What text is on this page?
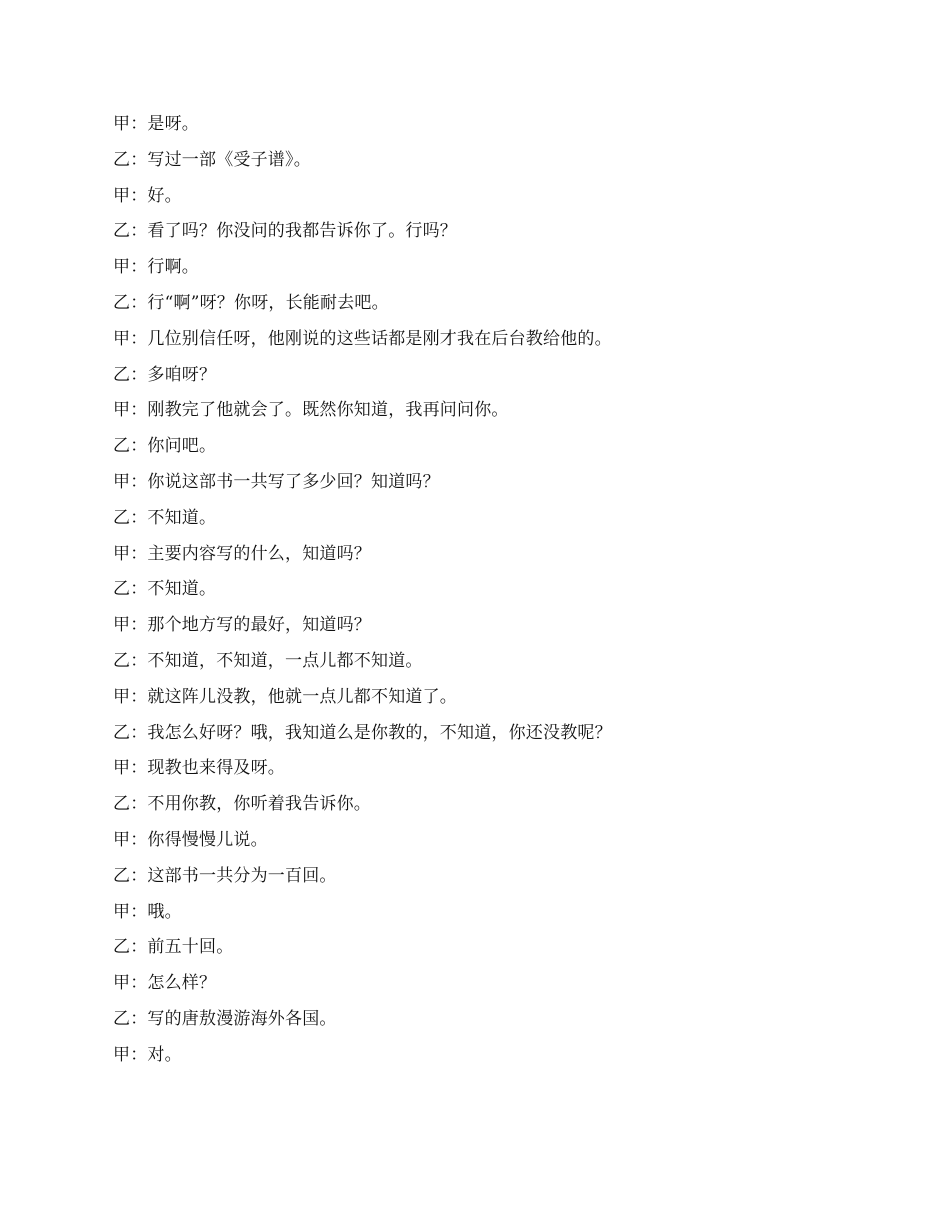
甲：是呀。
乙：写过一部《受子谱》。
甲：好。
乙：看了吗？你没问的我都告诉你了。行吗？
甲：行啊。
乙：行“啊”呀？你呀，长能耐去吧。
甲：几位别信任呀，他刚说的这些话都是刚才我在后台教给他的。
乙：多咱呀？
甲：刚教完了他就会了。既然你知道，我再问问你。
乙：你问吧。
甲：你说这部书一共写了多少回？知道吗？
乙：不知道。
甲：主要内容写的什么，知道吗？
乙：不知道。
甲：那个地方写的最好，知道吗？
乙：不知道，不知道，一点儿都不知道。
甲：就这阵儿没教，他就一点儿都不知道了。
乙：我怎么好呀？哦，我知道么是你教的，不知道，你还没教呢？
甲：现教也来得及呀。
乙：不用你教，你听着我告诉你。
甲：你得慢慢儿说。
乙：这部书一共分为一百回。
甲：哦。
乙：前五十回。
甲：怎么样？
乙：写的唐敖漫游海外各国。
甲：对。
